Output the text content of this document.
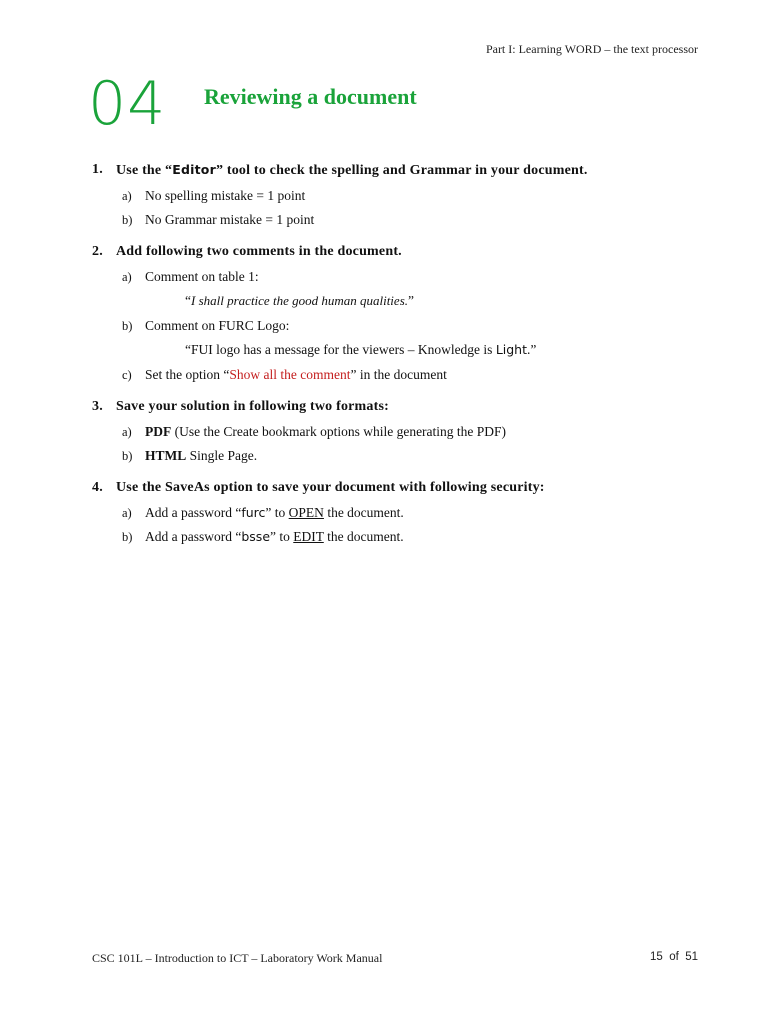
Part I: Learning WORD – the text processor
04 Reviewing a document
1. Use the “Editor” tool to check the spelling and Grammar in your document.
a) No spelling mistake = 1 point
b) No Grammar mistake = 1 point
2. Add following two comments in the document.
a) Comment on table 1:
“I shall practice the good human qualities.”
b) Comment on FURC Logo:
“FUI logo has a message for the viewers – Knowledge is Light.”
c) Set the option “Show all the comment” in the document
3. Save your solution in following two formats:
a) PDF (Use the Create bookmark options while generating the PDF)
b) HTML Single Page.
4. Use the SaveAs option to save your document with following security:
a) Add a password “furc” to OPEN the document.
b) Add a password “bsse” to EDIT the document.
CSC 101L – Introduction to ICT – Laboratory Work Manual	15 of 51
